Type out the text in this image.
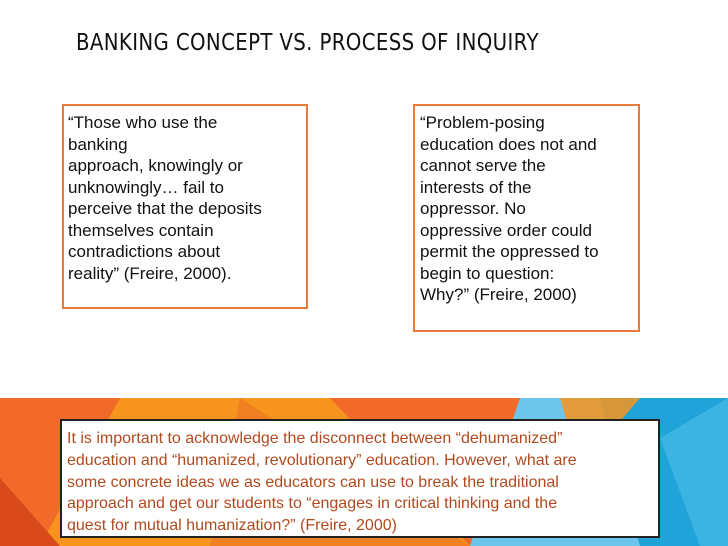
BANKING CONCEPT VS. PROCESS OF INQUIRY
“Those who use the
banking
approach, knowingly or
unknowingly… fail to
perceive that the deposits
themselves contain
contradictions about
reality” (Freire, 2000).
“Problem-posing
education does not and
cannot serve the
interests of the
oppressor. No
oppressive order could
permit the oppressed to
begin to question:
Why?” (Freire, 2000)
It is important to acknowledge the disconnect between “dehumanized”
education and “humanized, revolutionary” education. However, what are
some concrete ideas we as educators can use to break the traditional
approach and get our students to “engages in critical thinking and the
quest for mutual humanization?” (Freire, 2000)
